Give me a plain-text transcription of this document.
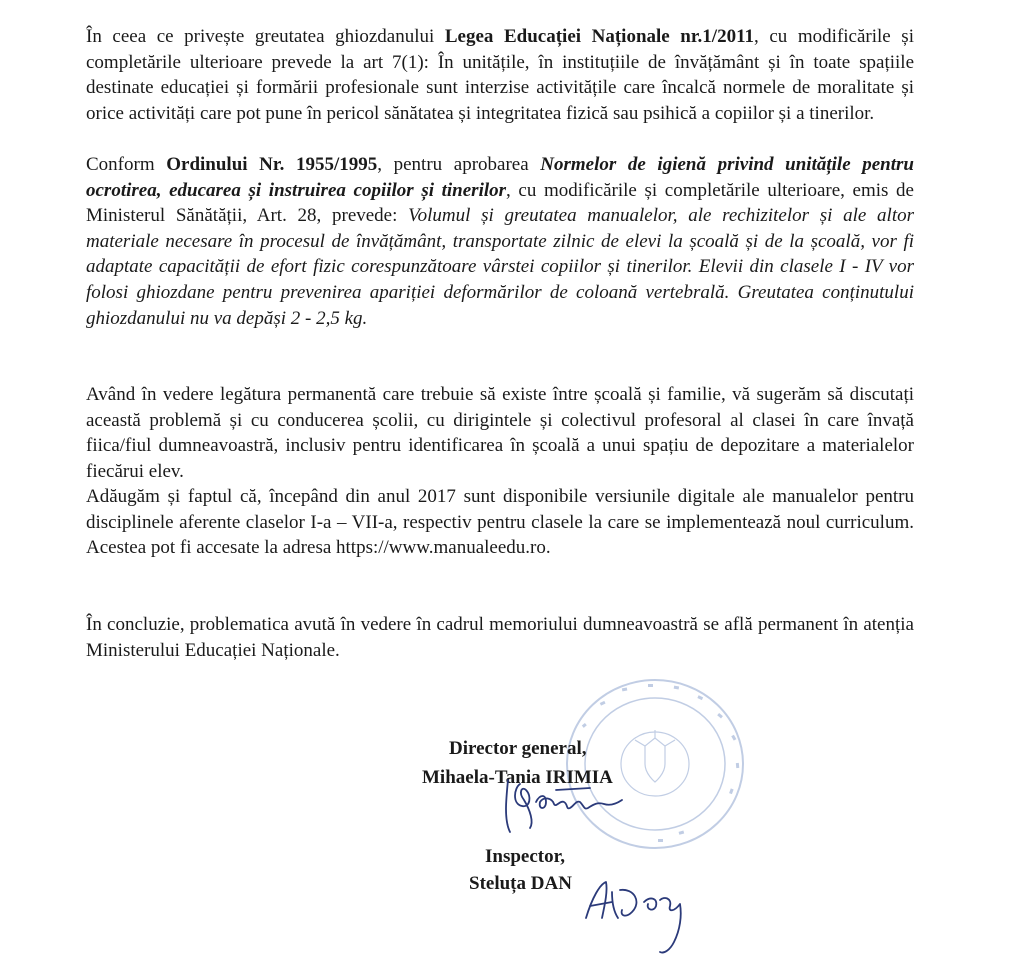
În ceea ce privește greutatea ghiozdanului Legea Educației Naționale nr.1/2011, cu modificările și completările ulterioare prevede la art 7(1): În unitățile, în instituțiile de învățământ și în toate spațiile destinate educației și formării profesionale sunt interzise activitățile care încalcă normele de moralitate și orice activități care pot pune în pericol sănătatea și integritatea fizică sau psihică a copiilor și a tinerilor.

Conform Ordinului Nr. 1955/1995, pentru aprobarea Normelor de igienă privind unitățile pentru ocrotirea, educarea și instruirea copiilor și tinerilor, cu modificările și completările ulterioare, emis de Ministerul Sănătății, Art. 28, prevede: Volumul și greutatea manualelor, ale rechizitelor și ale altor materiale necesare în procesul de învățământ, transportate zilnic de elevi la școală și de la școală, vor fi adaptate capacității de efort fizic corespunzătoare vârstei copiilor și tinerilor. Elevii din clasele I - IV vor folosi ghiozdane pentru prevenirea apariției deformărilor de coloană vertebrală. Greutatea conținutului ghiozdanului nu va depăși 2 - 2,5 kg.

Având în vedere legătura permanentă care trebuie să existe între școală și familie, vă sugerăm să discutați această problemă și cu conducerea școlii, cu dirigintele și colectivul profesoral al clasei în care învață fiica/fiul dumneavoastră, inclusiv pentru identificarea în școală a unui spațiu de depozitare a materialelor fiecărui elev.

Adăugăm și faptul că, începând din anul 2017 sunt disponibile versiunile digitale ale manualelor pentru disciplinele aferente claselor I-a – VII-a, respectiv pentru clasele la care se implementează noul curriculum. Acestea pot fi accesate la adresa https://www.manualeedu.ro.

În concluzie, problematica avută în vedere în cadrul memoriului dumneavoastră se află permanent în atenția Ministerului Educației Naționale.

Director general,
Mihaela-Tania IRIMIA
Inspector,
Steluța DAN
